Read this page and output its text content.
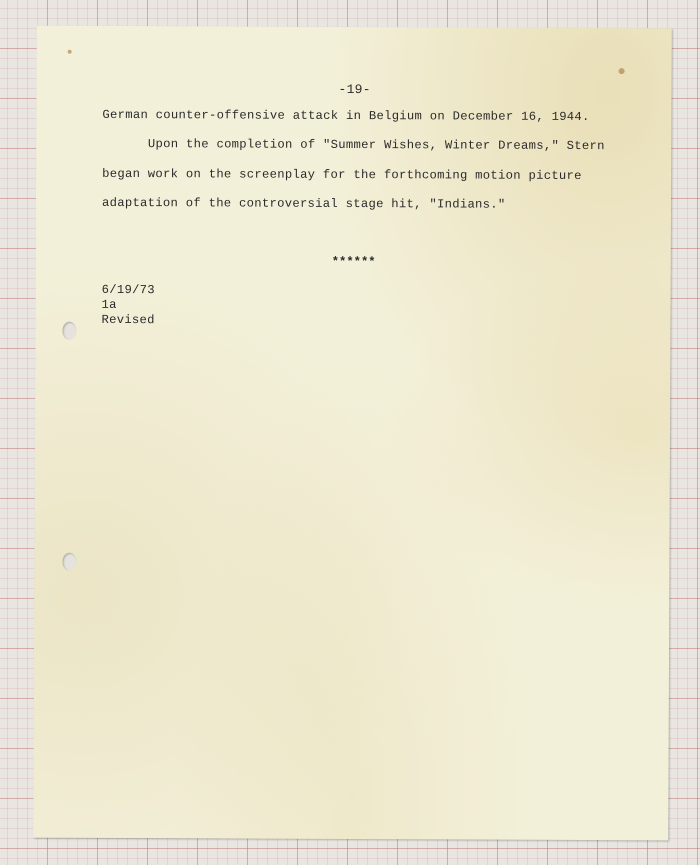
-19-
German counter-offensive attack in Belgium on December 16, 1944.
Upon the completion of "Summer Wishes, Winter Dreams," Stern
began work on the screenplay for the forthcoming motion picture
adaptation of the controversial stage hit, "Indians."
******
6/19/73
1a
Revised
